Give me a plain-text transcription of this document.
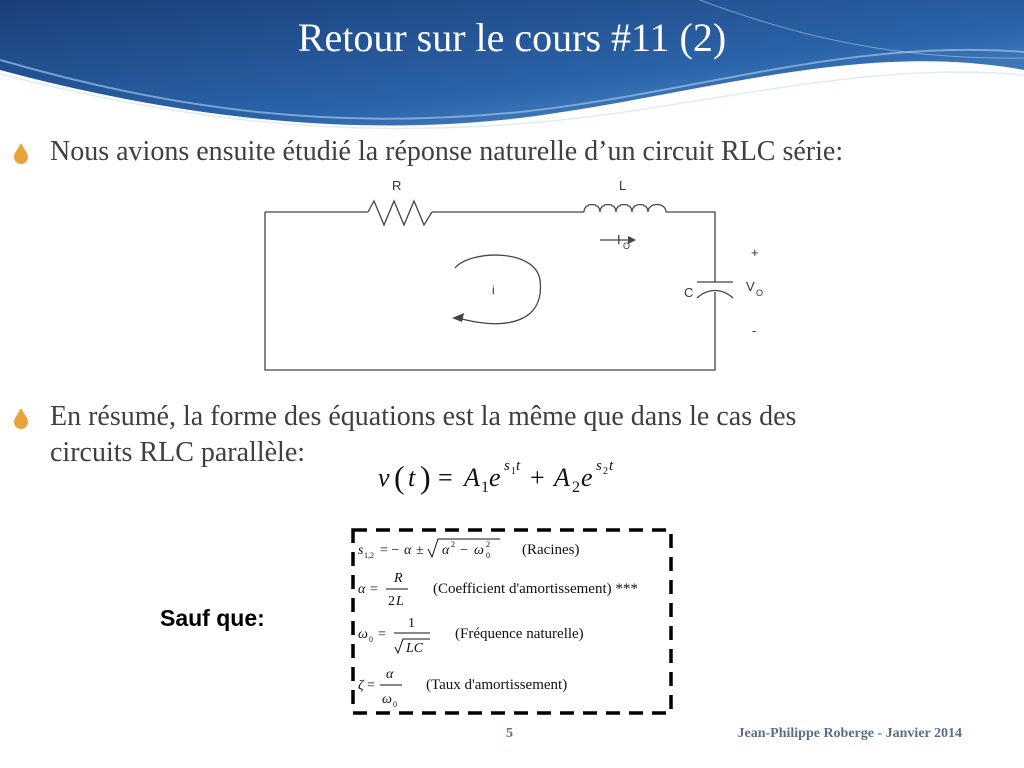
Retour sur le cours #11 (2)
Nous avions ensuite étudié la réponse naturelle d’un circuit RLC série:
R	L
I O	+
C	V O
-
i
En résumé, la forme des équations est la même que dans le cas des
circuits RLC parallèle:
v ( t ) = A 1 e s 1 t + A 2 e s 2 t
Sauf que:
s 1,2 = − α ± α 2 − ω 2
0 (Racines)
α =
R
2 L
(Coefficient d'amortissement) ***
ω 0 =
1
LC
(Fréquence naturelle)
ζ =
α
ω 0
(Taux d'amortissement)
5	Jean-Philippe Roberge - Janvier 2014
